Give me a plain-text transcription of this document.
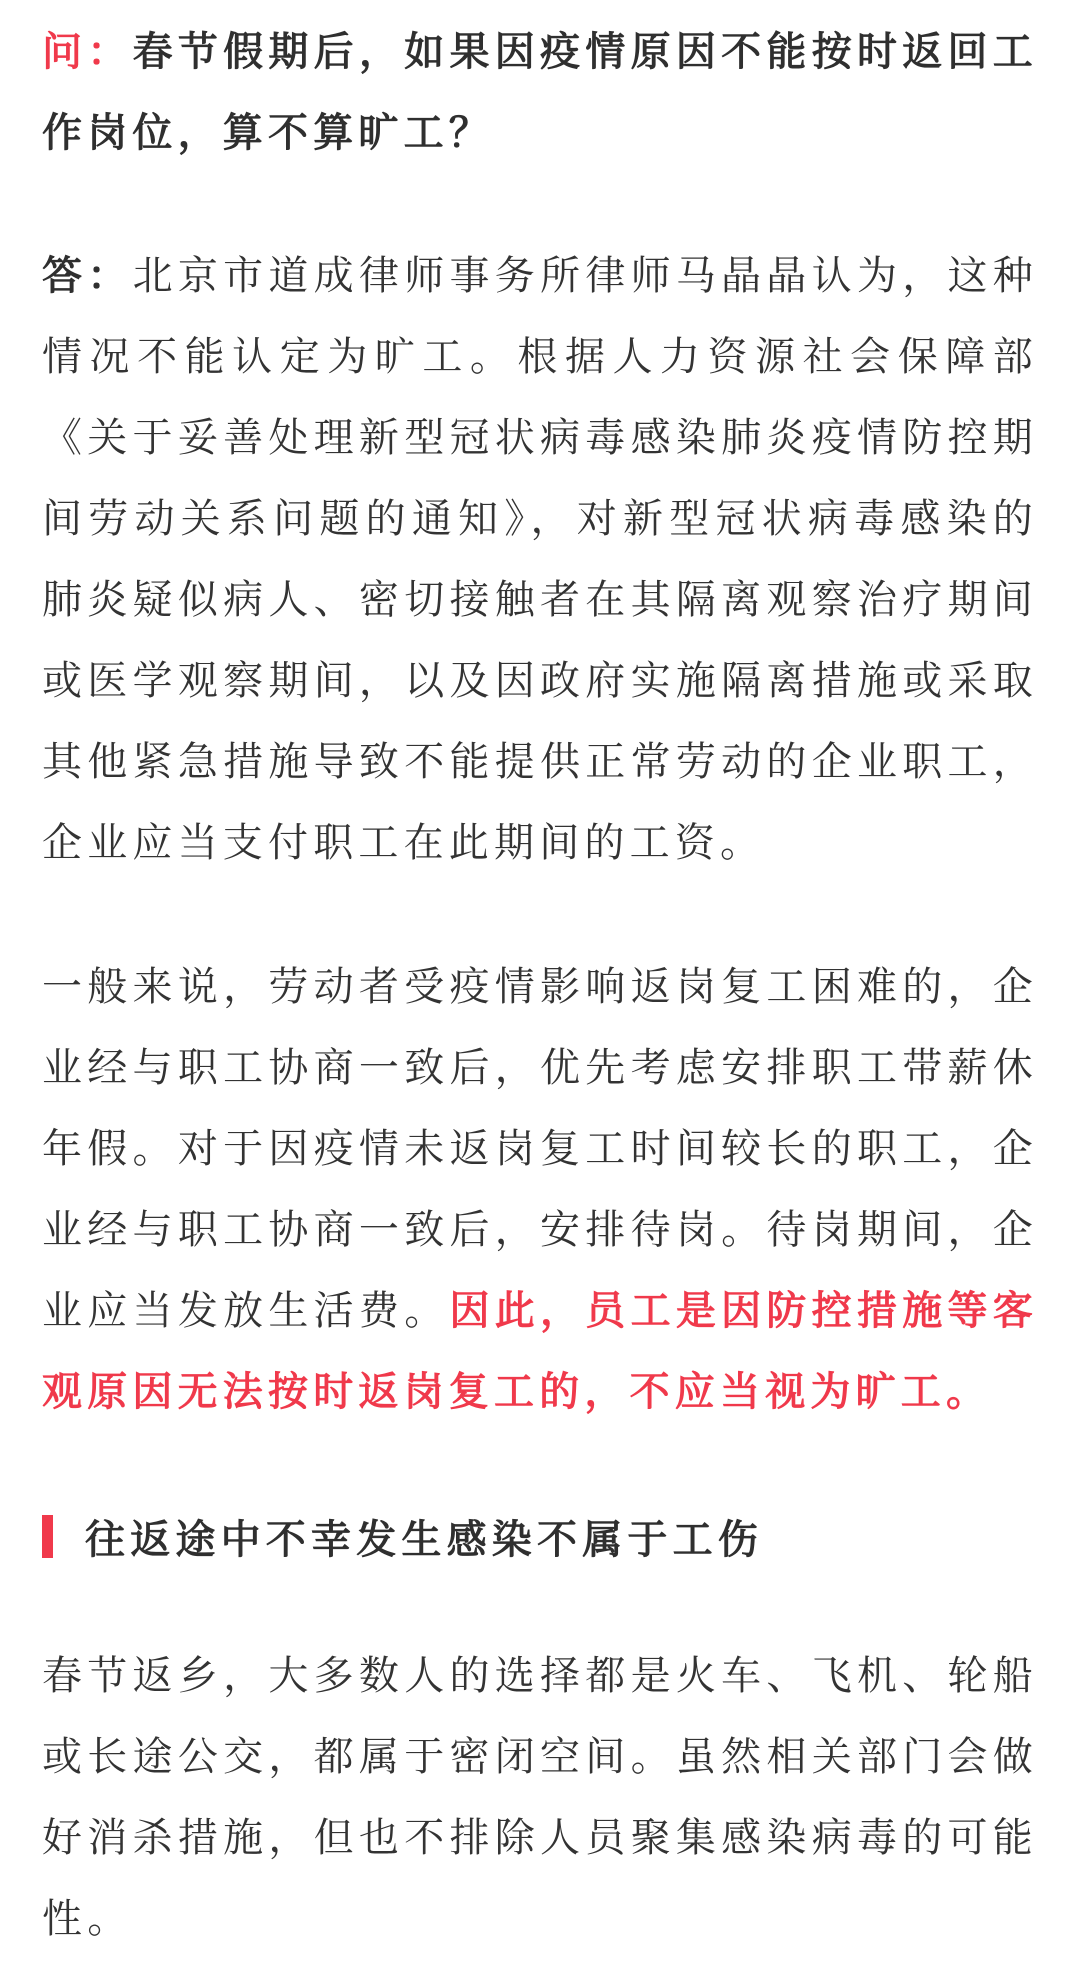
问：春节假期后，如果因疫情原因不能按时返回工作岗位，算不算旷工？

答：北京市道成律师事务所律师马晶晶认为，这种情况不能认定为旷工。根据人力资源社会保障部《关于妥善处理新型冠状病毒感染肺炎疫情防控期间劳动关系问题的通知》，对新型冠状病毒感染的肺炎疑似病人、密切接触者在其隔离观察治疗期间或医学观察期间，以及因政府实施隔离措施或采取其他紧急措施导致不能提供正常劳动的企业职工，企业应当支付职工在此期间的工资。

一般来说，劳动者受疫情影响返岗复工困难的，企业经与职工协商一致后，优先考虑安排职工带薪休年假。对于因疫情未返岗复工时间较长的职工，企业经与职工协商一致后，安排待岗。待岗期间，企业应当发放生活费。因此，员工是因防控措施等客观原因无法按时返岗复工的，不应当视为旷工。

往返途中不幸发生感染不属于工伤

春节返乡，大多数人的选择都是火车、飞机、轮船或长途公交，都属于密闭空间。虽然相关部门会做好消杀措施，但也不排除人员聚集感染病毒的可能性。
